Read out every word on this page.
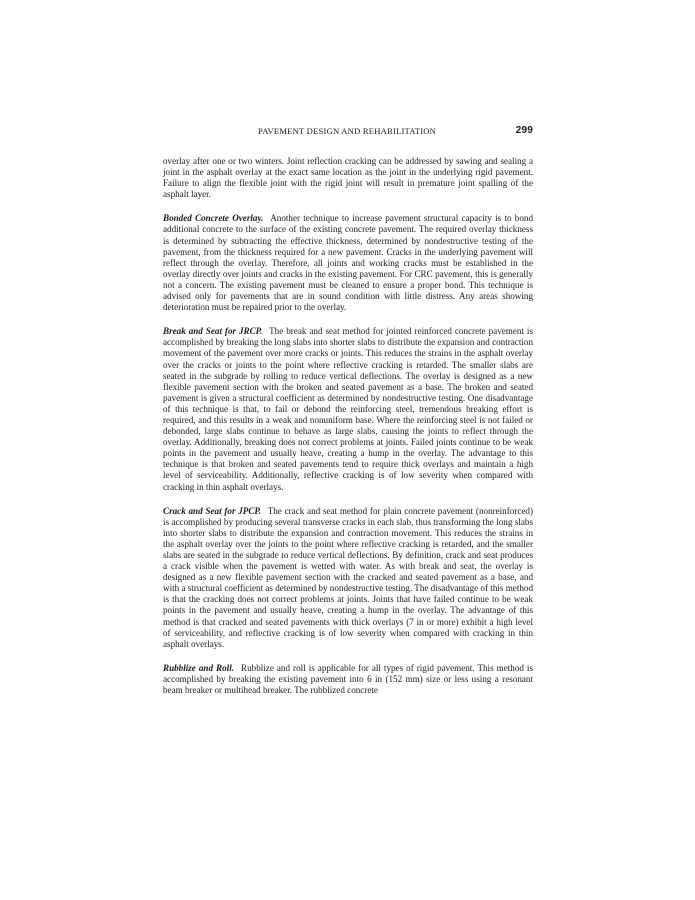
PAVEMENT DESIGN AND REHABILITATION	299

overlay after one or two winters. Joint reflection cracking can be addressed by sawing and sealing a joint in the asphalt overlay at the exact same location as the joint in the underlying rigid pavement. Failure to align the flexible joint with the rigid joint will result in premature joint spalling of the asphalt layer.

Bonded Concrete Overlay. Another technique to increase pavement structural capacity is to bond additional concrete to the surface of the existing concrete pavement. The required overlay thickness is determined by subtracting the effective thickness, determined by nondestructive testing of the pavement, from the thickness required for a new pavement. Cracks in the underlying pavement will reflect through the overlay. Therefore, all joints and working cracks must be established in the overlay directly over joints and cracks in the existing pavement. For CRC pavement, this is generally not a concern. The existing pavement must be cleaned to ensure a proper bond. This technique is advised only for pavements that are in sound condition with little distress. Any areas showing deterioration must be repaired prior to the overlay.

Break and Seat for JRCP. The break and seat method for jointed reinforced concrete pavement is accomplished by breaking the long slabs into shorter slabs to distribute the expansion and contraction movement of the pavement over more cracks or joints. This reduces the strains in the asphalt overlay over the cracks or joints to the point where reflective cracking is retarded. The smaller slabs are seated in the subgrade by rolling to reduce vertical deflections. The overlay is designed as a new flexible pavement section with the broken and seated pavement as a base. The broken and seated pavement is given a structural coefficient as determined by nondestructive testing. One disadvantage of this technique is that, to fail or debond the reinforcing steel, tremendous breaking effort is required, and this results in a weak and nonuniform base. Where the reinforcing steel is not failed or debonded, large slabs continue to behave as large slabs, causing the joints to reflect through the overlay. Additionally, breaking does not correct problems at joints. Failed joints continue to be weak points in the pavement and usually heave, creating a hump in the overlay. The advantage to this technique is that broken and seated pavements tend to require thick overlays and maintain a high level of serviceability. Additionally, reflective cracking is of low severity when compared with cracking in thin asphalt overlays.

Crack and Seat for JPCP. The crack and seat method for plain concrete pavement (nonreinforced) is accomplished by producing several transverse cracks in each slab, thus transforming the long slabs into shorter slabs to distribute the expansion and contraction movement. This reduces the strains in the asphalt overlay over the joints to the point where reflective cracking is retarded, and the smaller slabs are seated in the subgrade to reduce vertical deflections. By definition, crack and seat produces a crack visible when the pavement is wetted with water. As with break and seat, the overlay is designed as a new flexible pavement section with the cracked and seated pavement as a base, and with a structural coefficient as determined by nondestructive testing. The disadvantage of this method is that the cracking does not correct problems at joints. Joints that have failed continue to be weak points in the pavement and usually heave, creating a hump in the overlay. The advantage of this method is that cracked and seated pavements with thick overlays (7 in or more) exhibit a high level of serviceability, and reflective cracking is of low severity when compared with cracking in thin asphalt overlays.

Rubblize and Roll. Rubblize and roll is applicable for all types of rigid pavement. This method is accomplished by breaking the existing pavement into 6 in (152 mm) size or less using a resonant beam breaker or multihead breaker. The rubblized concrete
